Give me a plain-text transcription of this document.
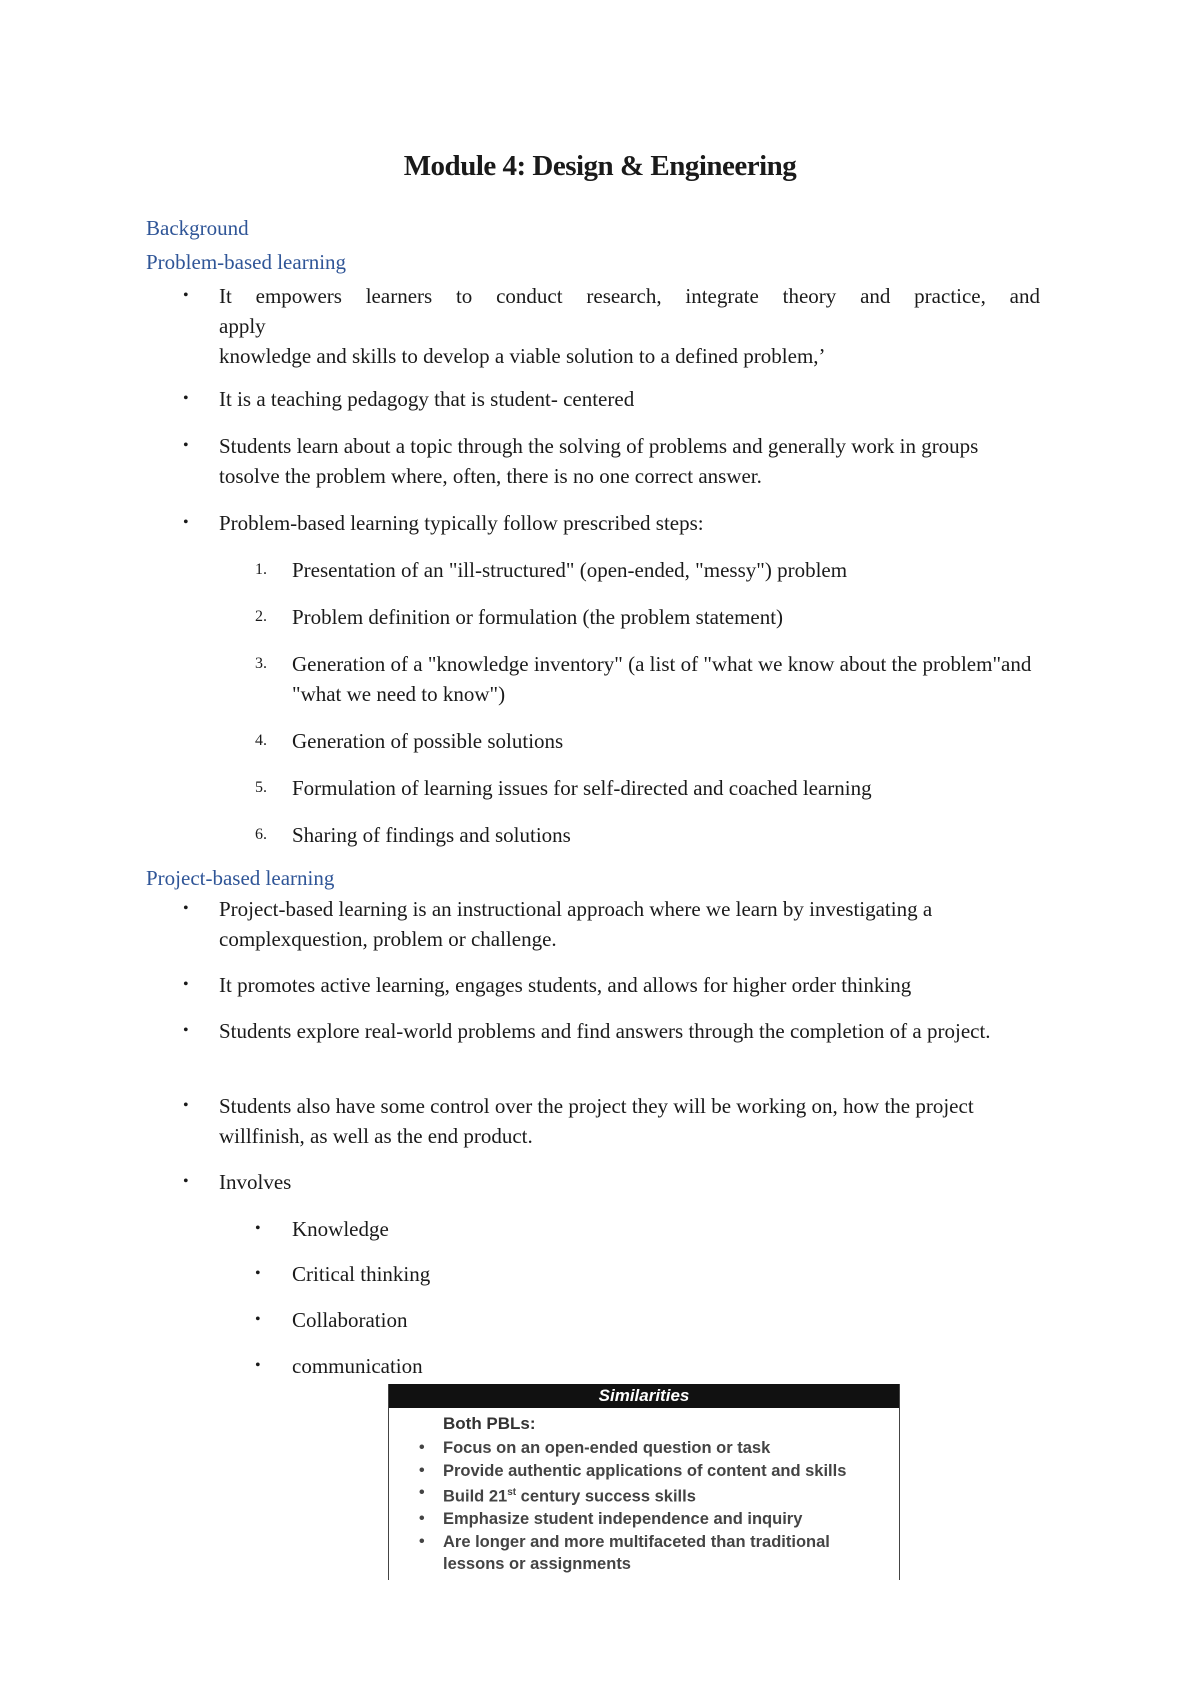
Module 4: Design & Engineering
Background
Problem-based learning
• It empowers learners to conduct research, integrate theory and practice, and
apply
knowledge and skills to develop a viable solution to a defined problem,’
• It is a teaching pedagogy that is student- centered
• Students learn about a topic through the solving of problems and generally work in groups tosolve the problem where, often, there is no one correct answer.
• Problem-based learning typically follow prescribed steps:
1. Presentation of an "ill-structured" (open-ended, "messy") problem
2. Problem definition or formulation (the problem statement)
3. Generation of a "knowledge inventory" (a list of "what we know about the problem"and "what we need to know")
4. Generation of possible solutions
5. Formulation of learning issues for self-directed and coached learning
6. Sharing of findings and solutions
Project-based learning
• Project-based learning is an instructional approach where we learn by investigating a complexquestion, problem or challenge.
• It promotes active learning, engages students, and allows for higher order thinking
• Students explore real-world problems and find answers through the completion of a project.
• Students also have some control over the project they will be working on, how the project willfinish, as well as the end product.
• Involves
• Knowledge
• Critical thinking
• Collaboration
• communication
Similarities
Both PBLs:
• Focus on an open-ended question or task
• Provide authentic applications of content and skills
• Build 21st century success skills
• Emphasize student independence and inquiry
• Are longer and more multifaceted than traditional lessons or assignments
